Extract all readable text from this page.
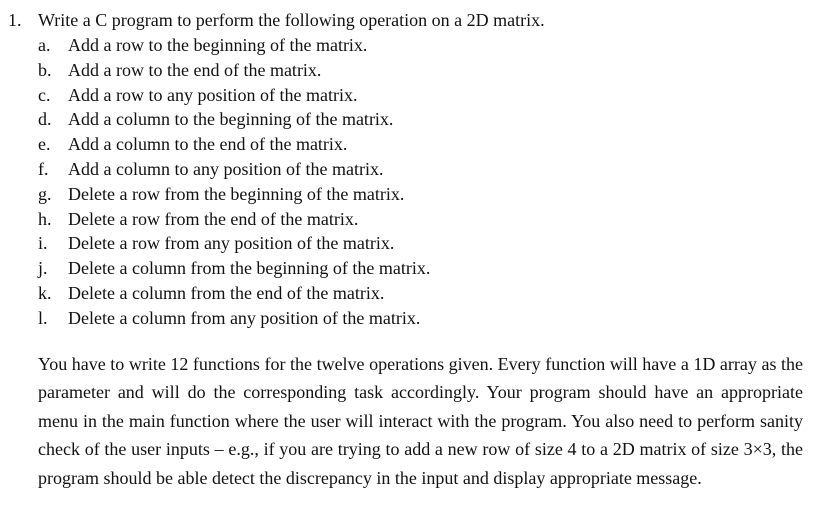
1. Write a C program to perform the following operation on a 2D matrix.
a. Add a row to the beginning of the matrix.
b. Add a row to the end of the matrix.
c. Add a row to any position of the matrix.
d. Add a column to the beginning of the matrix.
e. Add a column to the end of the matrix.
f. Add a column to any position of the matrix.
g. Delete a row from the beginning of the matrix.
h. Delete a row from the end of the matrix.
i. Delete a row from any position of the matrix.
j. Delete a column from the beginning of the matrix.
k. Delete a column from the end of the matrix.
l. Delete a column from any position of the matrix.

You have to write 12 functions for the twelve operations given. Every function will have a 1D array as the parameter and will do the corresponding task accordingly. Your program should have an appropriate menu in the main function where the user will interact with the program. You also need to perform sanity check of the user inputs – e.g., if you are trying to add a new row of size 4 to a 2D matrix of size 3×3, the program should be able detect the discrepancy in the input and display appropriate message.
